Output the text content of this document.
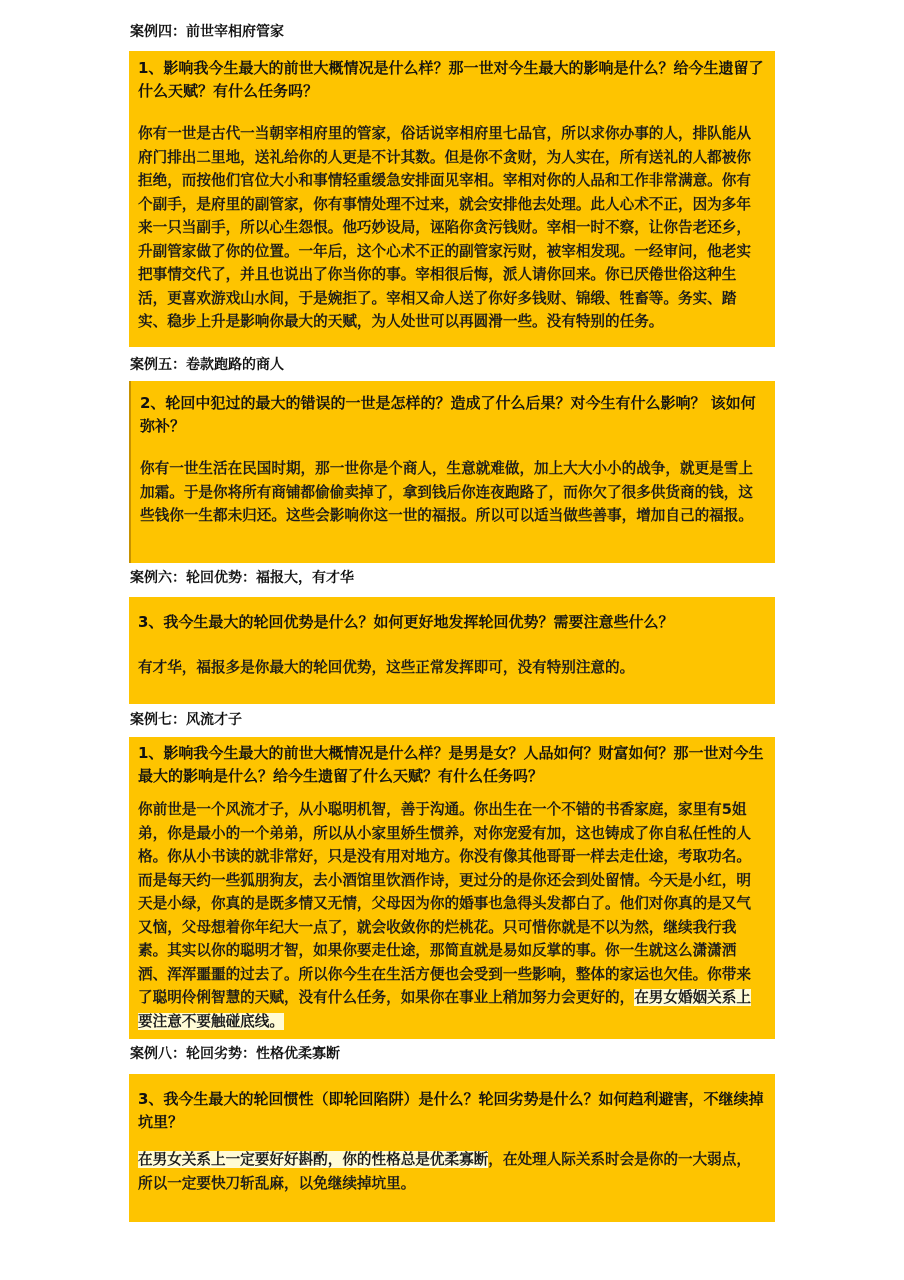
案例四：前世宰相府管家

1、影响我今生最大的前世大概情况是什么样？那一世对今生最大的影响是什么？给今生遗留了什么天赋？有什么任务吗？

你有一世是古代一当朝宰相府里的管家，俗话说宰相府里七品官，所以求你办事的人，排队能从府门排出二里地，送礼给你的人更是不计其数。但是你不贪财，为人实在，所有送礼的人都被你拒绝，而按他们官位大小和事情轻重缓急安排面见宰相。宰相对你的人品和工作非常满意。你有个副手，是府里的副管家，你有事情处理不过来，就会安排他去处理。此人心术不正，因为多年来一只当副手，所以心生怨恨。他巧妙设局，诬陷你贪污钱财。宰相一时不察，让你告老还乡，升副管家做了你的位置。一年后，这个心术不正的副管家污财，被宰相发现。一经审问，他老实把事情交代了，并且也说出了你当你的事。宰相很后悔，派人请你回来。你已厌倦世俗这种生活，更喜欢游戏山水间，于是婉拒了。宰相又命人送了你好多钱财、锦缎、牲畜等。务实、踏实、稳步上升是影响你最大的天赋，为人处世可以再圆滑一些。没有特别的任务。

案例五：卷款跑路的商人

2、轮回中犯过的最大的错误的一世是怎样的？造成了什么后果？对今生有什么影响？ 该如何弥补？

你有一世生活在民国时期，那一世你是个商人，生意就难做，加上大大小小的战争，就更是雪上加霜。于是你将所有商铺都偷偷卖掉了，拿到钱后你连夜跑路了，而你欠了很多供货商的钱，这些钱你一生都未归还。这些会影响你这一世的福报。所以可以适当做些善事，增加自己的福报。

案例六：轮回优势：福报大，有才华

3、我今生最大的轮回优势是什么？如何更好地发挥轮回优势？需要注意些什么？

有才华，福报多是你最大的轮回优势，这些正常发挥即可，没有特别注意的。

案例七：风流才子

1、影响我今生最大的前世大概情况是什么样？是男是女？人品如何？财富如何？那一世对今生最大的影响是什么？给今生遗留了什么天赋？有什么任务吗？

你前世是一个风流才子，从小聪明机智，善于沟通。你出生在一个不错的书香家庭，家里有5姐弟，你是最小的一个弟弟，所以从小家里娇生惯养，对你宠爱有加，这也铸成了你自私任性的人格。你从小书读的就非常好，只是没有用对地方。你没有像其他哥哥一样去走仕途，考取功名。而是每天约一些狐朋狗友，去小酒馆里饮酒作诗，更过分的是你还会到处留情。今天是小红，明天是小绿，你真的是既多情又无情，父母因为你的婚事也急得头发都白了。他们对你真的是又气又恼，父母想着你年纪大一点了，就会收敛你的烂桃花。只可惜你就是不以为然，继续我行我素。其实以你的聪明才智，如果你要走仕途，那简直就是易如反掌的事。你一生就这么潇潇洒洒、浑浑噩噩的过去了。所以你今生在生活方便也会受到一些影响，整体的家运也欠佳。你带来了聪明伶俐智慧的天赋，没有什么任务，如果你在事业上稍加努力会更好的，在男女婚姻关系上要注意不要触碰底线。

案例八：轮回劣势：性格优柔寡断

3、我今生最大的轮回惯性（即轮回陷阱）是什么？轮回劣势是什么？如何趋利避害，不继续掉坑里？

在男女关系上一定要好好斟酌，你的性格总是优柔寡断，在处理人际关系时会是你的一大弱点，所以一定要快刀斩乱麻，以免继续掉坑里。
